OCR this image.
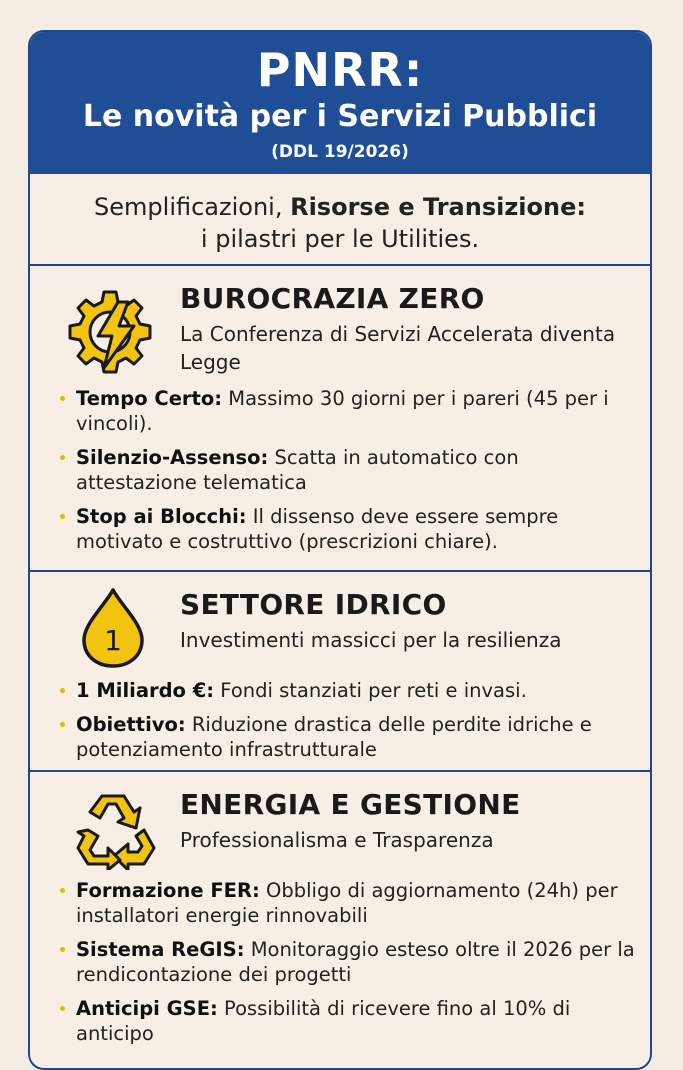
PNRR:
Le novità per i Servizi Pubblici
(DDL 19/2026)
Semplificazioni, Risorse e Transizione:
i pilastri per le Utilities.
BUROCRAZIA ZERO
La Conferenza di Servizi Accelerata diventa Legge
Tempo Certo: Massimo 30 giorni per i pareri (45 per i vincoli).
Silenzio-Assenso: Scatta in automatico con attestazione telematica
Stop ai Blocchi: Il dissenso deve essere sempre motivato e costruttivo (prescrizioni chiare).
1
SETTORE IDRICO
Investimenti massicci per la resilienza
1 Miliardo €: Fondi stanziati per reti e invasi.
Obiettivo: Riduzione drastica delle perdite idriche e potenziamento infrastrutturale
ENERGIA E GESTIONE
Professionalisma e Trasparenza
Formazione FER: Obbligo di aggiornamento (24h) per installatori energie rinnovabili
Sistema ReGIS: Monitoraggio esteso oltre il 2026 per la rendicontazione dei progetti
Anticipi GSE: Possibilità di ricevere fino al 10% di anticipo
